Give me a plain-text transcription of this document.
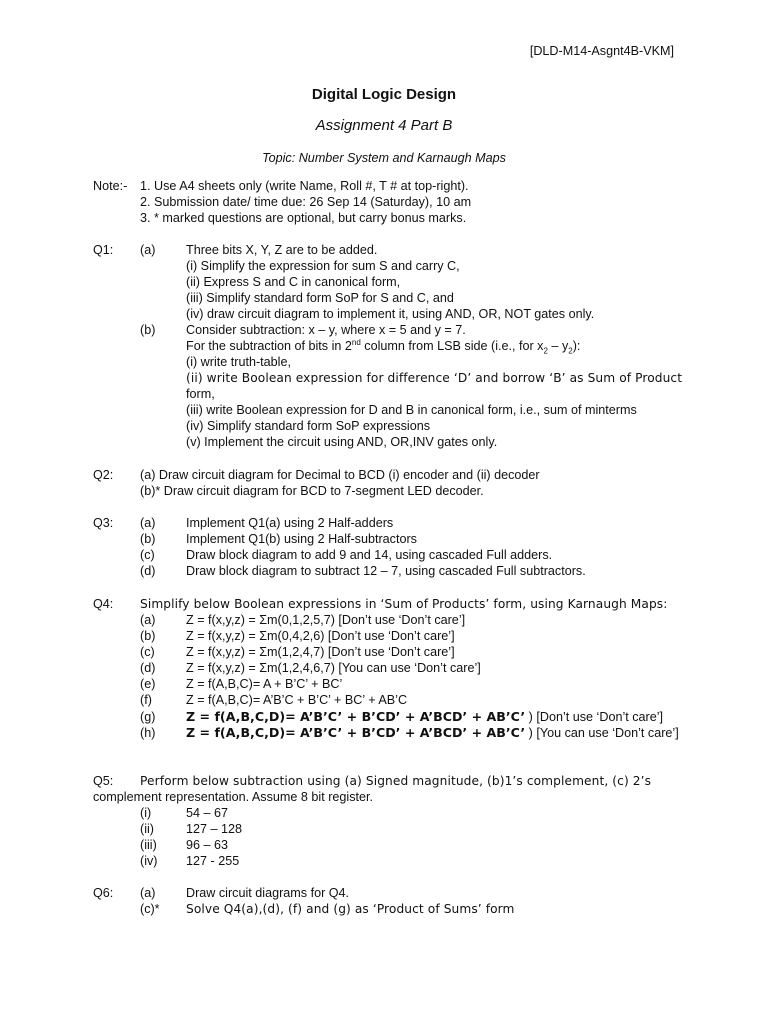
[DLD-M14-Asgnt4B-VKM]
Digital Logic Design
Assignment 4 Part B
Topic: Number System and Karnaugh Maps
Note:- 1. Use A4 sheets only (write Name, Roll #, T # at top-right).
2. Submission date/ time due: 26 Sep 14 (Saturday), 10 am
3. * marked questions are optional, but carry bonus marks.
Q1: (a) Three bits X, Y, Z are to be added.
(i) Simplify the expression for sum S and carry C,
(ii) Express S and C in canonical form,
(iii) Simplify standard form SoP for S and C, and
(iv) draw circuit diagram to implement it, using AND, OR, NOT gates only.
(b) Consider subtraction: x – y, where x = 5 and y = 7.
For the subtraction of bits in 2nd column from LSB side (i.e., for $x_2 - y_2$):
(i) write truth-table,
(ii) write Boolean expression for difference ‘D’ and borrow ‘B’ as Sum of Product
form,
(iii) write Boolean expression for D and B in canonical form, i.e., sum of minterms
(iv) Simplify standard form SoP expressions
(v) Implement the circuit using AND, OR,INV gates only.
Q2: (a) Draw circuit diagram for Decimal to BCD (i) encoder and (ii) decoder
(b)* Draw circuit diagram for BCD to 7-segment LED decoder.
Q3: (a) Implement Q1(a) using 2 Half-adders
(b) Implement Q1(b) using 2 Half-subtractors
(c) Draw block diagram to add 9 and 14, using cascaded Full adders.
(d) Draw block diagram to subtract 12 – 7, using cascaded Full subtractors.
Q4: Simplify below Boolean expressions in ‘Sum of Products’ form, using Karnaugh Maps:
(a) Z = f(x,y,z) = Σm(0,1,2,5,7) [Don’t use ‘Don’t care’]
(b) Z = f(x,y,z) = Σm(0,4,2,6) [Don’t use ‘Don’t care’]
(c) Z = f(x,y,z) = Σm(1,2,4,7) [Don’t use ‘Don’t care’]
(d) Z = f(x,y,z) = Σm(1,2,4,6,7) [You can use ‘Don’t care’]
(e) Z = f(A,B,C)= A + B’C’ + BC’
(f)	Z = f(A,B,C)= A’B’C + B’C’ + BC’ + AB’C
(g) Z = f(A,B,C,D)= A’B’C’ + B’CD’ + A’BCD’ + AB’C’ ) [Don’t use ‘Don’t care’]
(h) Z = f(A,B,C,D)= A’B’C’ + B’CD’ + A’BCD’ + AB’C’ ) [You can use ‘Don’t care’]
Q5: Perform below subtraction using (a) Signed magnitude, (b)1’s complement, (c) 2’s
complement representation. Assume 8 bit register.
(i)	54 – 67
(ii)	127 – 128
(iii) 96 – 63
(iv) 127 - 255
Q6: (a) Draw circuit diagrams for Q4.
(c)* Solve Q4(a),(d), (f) and (g) as ‘Product of Sums’ form
